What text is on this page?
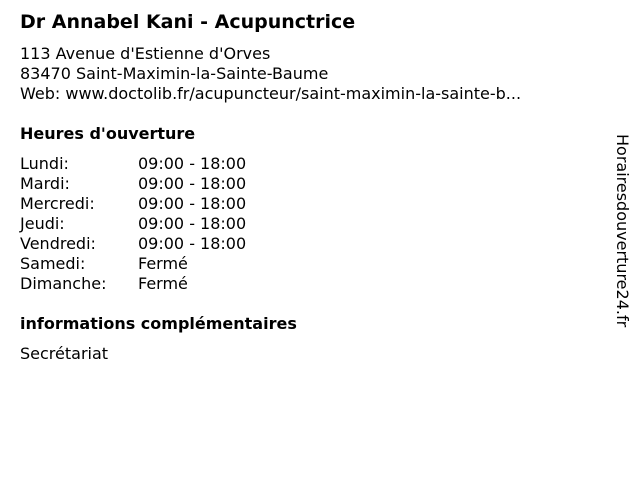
Dr Annabel Kani - Acupunctrice
113 Avenue d'Estienne d'Orves
83470 Saint-Maximin-la-Sainte-Baume
Web: www.doctolib.fr/acupuncteur/saint-maximin-la-sainte-b...
Heures d'ouverture
Lundi:	09:00 - 18:00
Mardi:	09:00 - 18:00
Mercredi:	09:00 - 18:00
Jeudi:	09:00 - 18:00
Vendredi:	09:00 - 18:00
Samedi:	Fermé
Dimanche:	Fermé
informations complémentaires
Secrétariat
Horairesdouverture24.fr
